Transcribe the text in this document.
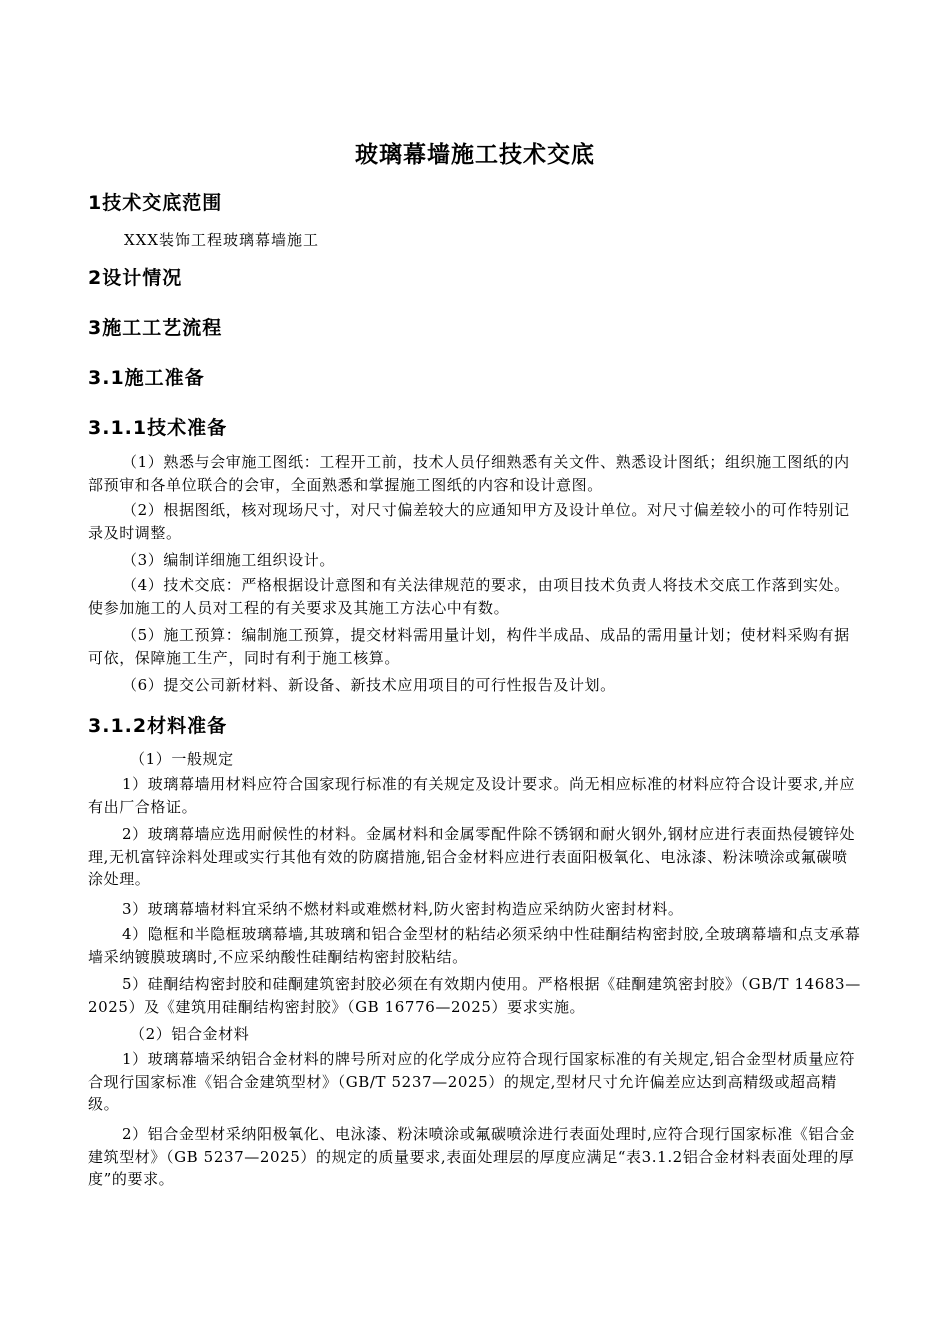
玻璃幕墙施工技术交底
1技术交底范围

XXX装饰工程玻璃幕墙施工

2设计情况
3施工工艺流程
3.1施工准备
3.1.1技术准备

（1）熟悉与会审施工图纸：工程开工前，技术人员仔细熟悉有关文件、熟悉设计图纸；组织施工图纸的内部预审和各单位联合的会审，全面熟悉和掌握施工图纸的内容和设计意图。

（2）根据图纸，核对现场尺寸，对尺寸偏差较大的应通知甲方及设计单位。对尺寸偏差较小的可作特别记录及时调整。

（3）编制详细施工组织设计。

（4）技术交底：严格根据设计意图和有关法律规范的要求，由项目技术负责人将技术交底工作落到实处。使参加施工的人员对工程的有关要求及其施工方法心中有数。

（5）施工预算：编制施工预算，提交材料需用量计划，构件半成品、成品的需用量计划；使材料采购有据可依，保障施工生产，同时有利于施工核算。

（6）提交公司新材料、新设备、新技术应用项目的可行性报告及计划。

3.1.2材料准备

（1）一般规定

1）玻璃幕墙用材料应符合国家现行标准的有关规定及设计要求。尚无相应标准的材料应符合设计要求,并应有出厂合格证。

2）玻璃幕墙应选用耐候性的材料。金属材料和金属零配件除不锈钢和耐火钢外,钢材应进行表面热侵镀锌处理,无机富锌涂料处理或实行其他有效的防腐措施,铝合金材料应进行表面阳极氧化、电泳漆、粉沫喷涂或氟碳喷涂处理。

3）玻璃幕墙材料宜采纳不燃材料或难燃材料,防火密封构造应采纳防火密封材料。

4）隐框和半隐框玻璃幕墙,其玻璃和铝合金型材的粘结必须采纳中性硅酮结构密封胶,全玻璃幕墙和点支承幕墙采纳镀膜玻璃时,不应采纳酸性硅酮结构密封胶粘结。

5）硅酮结构密封胶和硅酮建筑密封胶必须在有效期内使用。严格根据《硅酮建筑密封胶》（GB/T 14683—2025）及《建筑用硅酮结构密封胶》（GB 16776—2025）要求实施。

（2）铝合金材料

1）玻璃幕墙采纳铝合金材料的牌号所对应的化学成分应符合现行国家标准的有关规定,铝合金型材质量应符合现行国家标准《铝合金建筑型材》（GB/T 5237—2025）的规定,型材尺寸允许偏差应达到高精级或超高精级。

2）铝合金型材采纳阳极氧化、电泳漆、粉沫喷涂或氟碳喷涂进行表面处理时,应符合现行国家标准《铝合金建筑型材》（GB 5237—2025）的规定的质量要求,表面处理层的厚度应满足“表3.1.2铝合金材料表面处理的厚度”的要求。
